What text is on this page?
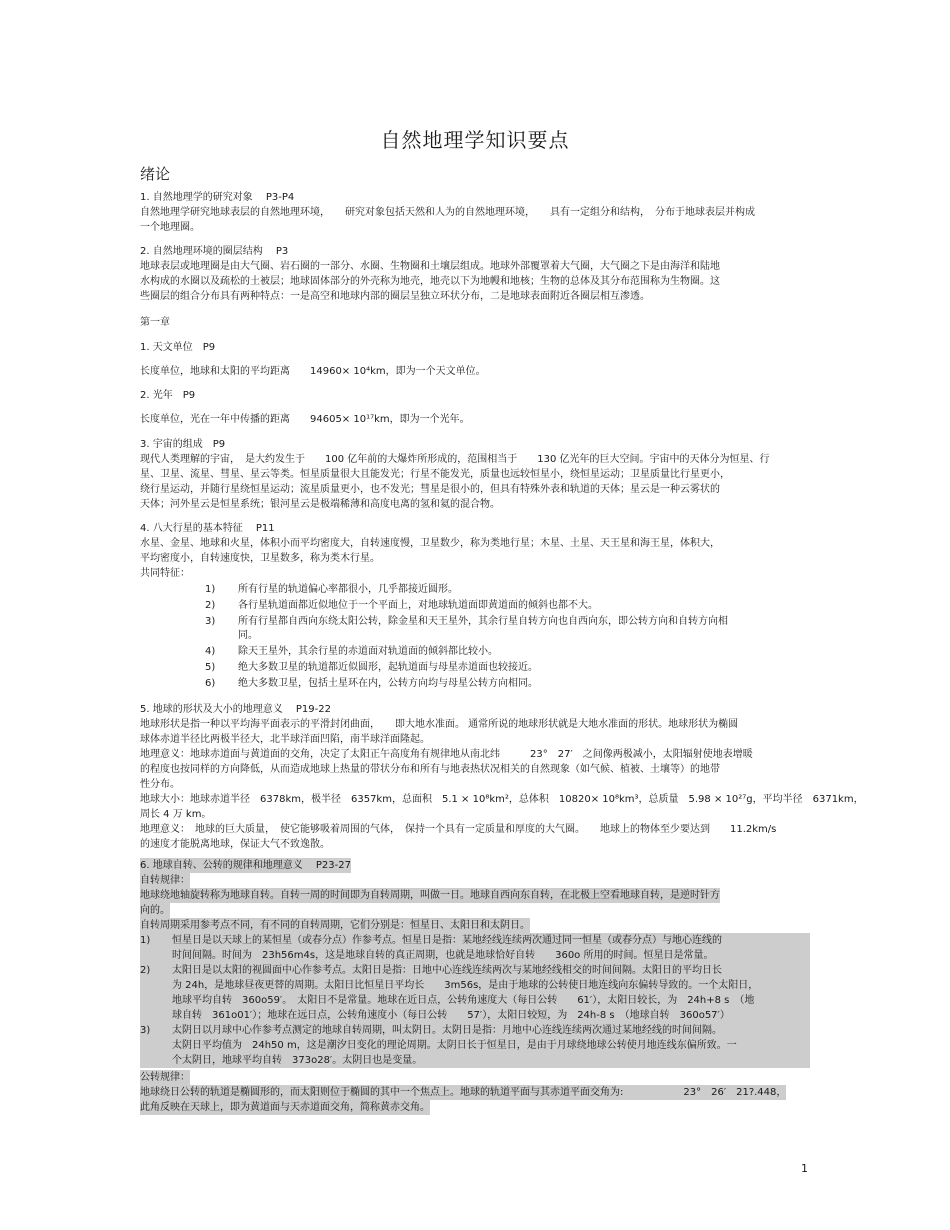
自然地理学知识要点
绪论
1. 自然地理学的研究对象　 P3-P4
自然地理学研究地球表层的自然地理环境，　　研究对象包括天然和人为的自然地理环境，　　具有一定组分和结构，　分布于地球表层并构成
一个地理圈。
2. 自然地理环境的圈层结构　 P3
地球表层或地理圈是由大气圈、岩石圈的一部分、水圈、生物圈和土壤层组成。地球外部覆罩着大气圈，大气圈之下是由海洋和陆地
水构成的水圈以及疏松的土被层；地球固体部分的外壳称为地壳，地壳以下为地幔和地核；生物的总体及其分布范围称为生物圈。这
些圈层的组合分布具有两种特点：一是高空和地球内部的圈层呈独立环状分布，二是地球表面附近各圈层相互渗透。
第一章
1. 天文单位　P9
长度单位，地球和太阳的平均距离　　14960× 10⁴km，即为一个天文单位。
2. 光年　P9
长度单位，光在一年中传播的距离　　94605× 10¹⁷km，即为一个光年。
3. 宇宙的组成　P9
现代人类理解的宇宙，　是大约发生于　　100 亿年前的大爆炸所形成的，范围相当于　　130 亿光年的巨大空间。宇宙中的天体分为恒星、行
星、卫星、流星、彗星、星云等类。恒星质量很大且能发光；行星不能发光，质量也远较恒星小，绕恒星运动；卫星质量比行星更小，
绕行星运动，并随行星绕恒星运动；流星质量更小，也不发光；彗星是很小的，但具有特殊外表和轨道的天体；星云是一种云雾状的
天体；河外星云是恒星系统；银河星云是极端稀薄和高度电离的氢和氦的混合物。
4. 八大行星的基本特征　 P11
水星、金星、地球和火星，体积小而平均密度大，自转速度慢，卫星数少，称为类地行星；木星、土星、天王星和海王星，体积大，
平均密度小，自转速度快，卫星数多，称为类木行星。
共同特征：
1) 所有行星的轨道偏心率都很小，几乎都接近圆形。
2) 各行星轨道面都近似地位于一个平面上，对地球轨道面即黄道面的倾斜也都不大。
3) 所有行星都自西向东绕太阳公转，除金星和天王星外，其余行星自转方向也自西向东，即公转方向和自转方向相
同。
4) 除天王星外，其余行星的赤道面对轨道面的倾斜都比较小。
5) 绝大多数卫星的轨道都近似圆形，起轨道面与母星赤道面也较接近。
6) 绝大多数卫星，包括土星环在内，公转方向均与母星公转方向相同。
5. 地球的形状及大小的地理意义　 P19-22
地球形状是指一种以平均海平面表示的平滑封闭曲面，　　即大地水准面。 通常所说的地球形状就是大地水准面的形状。地球形状为椭圆
球体赤道半径比两极半径大，北半球洋面凹陷，南半球洋面隆起。
地理意义：地球赤道面与黄道面的交角，决定了太阳正午高度角有规律地从南北纬　　　23°　27′　之间像两极减小，太阳辐射使地表增暖
的程度也按同样的方向降低，从而造成地球上热量的带状分布和所有与地表热状况相关的自然现象（如气候、植被、土壤等）的地带
性分布。
地球大小：地球赤道半径　6378km，极半径　6357km，总面积　5.1 × 10⁸km²，总体积　10820× 10⁸km³，总质量　5.98 × 10²⁷g，平均半径　6371km，
周长 4 万 km。
地理意义：　地球的巨大质量，　使它能够吸着周围的气体，　保持一个具有一定质量和厚度的大气圈。　　地球上的物体至少要达到　　11.2km/s
的速度才能脱离地球，保证大气不致逸散。
6. 地球自转、公转的规律和地理意义　 P23-27
自转规律：
地球绕地轴旋转称为地球自转。自转一周的时间即为自转周期，叫做一日。地球自西向东自转，在北极上空看地球自转，是逆时针方
向的。
自转周期采用参考点不同，有不同的自转周期，它们分别是：恒星日、太阳日和太阴日。
1) 恒星日是以天球上的某恒星（或春分点）作参考点。恒星日是指：某地经线连续两次通过同一恒星（或春分点）与地心连线的
时间间隔。时间为　23h56m4s，这是地球自转的真正周期，也就是地球恰好自转　　360o 所用的时间。恒星日是常量。
2) 太阳日是以太阳的视圆面中心作参考点。太阳日是指：日地中心连线连续两次与某地经线相交的时间间隔。太阳日的平均日长
为 24h，是地球昼夜更替的周期。太阳日比恒星日平均长　　3m56s，是由于地球的公转使日地连线向东偏转导致的。一个太阳日，
地球平均自转　360o59′。　太阳日不是常量。地球在近日点，公转角速度大（每日公转　　61′），太阳日较长，为　24h+8 s　（地
球自转　361o01′）；地球在远日点，公转角速度小（每日公转　　57′），太阳日较短，为　24h-8 s　（地球自转　360o57′）
3) 太阴日以月球中心作参考点测定的地球自转周期，叫太阴日。太阴日是指：月地中心连线连续两次通过某地经线的时间间隔。
太阴日平均值为　24h50 m，这是潮汐日变化的理论周期。太阴日长于恒星日，是由于月球绕地球公转使月地连线东偏所致。一
个太阴日，地球平均自转　373o28′。太阴日也是变量。
公转规律：
地球绕日公转的轨道是椭圆形的，而太阳则位于椭圆的其中一个焦点上。地球的轨道平面与其赤道平面交角为:　　　　　　23°　26′　21?.448，
此角反映在天球上，即为黄道面与天赤道面交角，简称黄赤交角。
1
